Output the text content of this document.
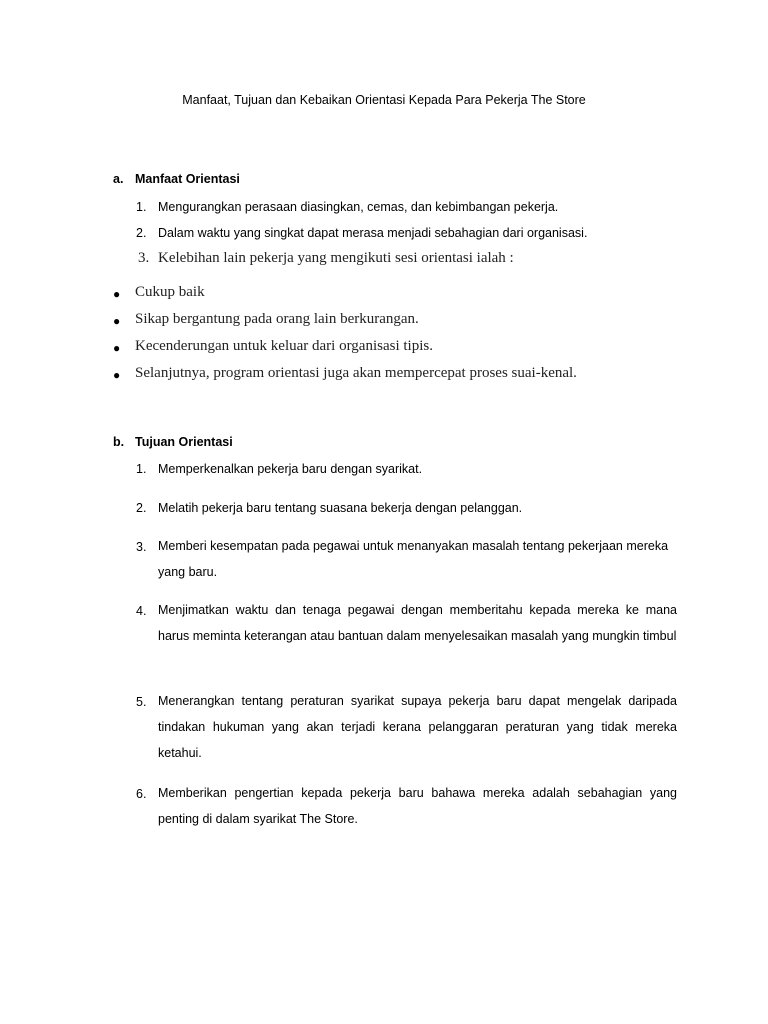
Manfaat, Tujuan dan Kebaikan Orientasi Kepada Para Pekerja The Store
a. Manfaat Orientasi
1. Mengurangkan perasaan diasingkan, cemas, dan kebimbangan pekerja.
2. Dalam waktu yang singkat dapat merasa menjadi sebahagian dari organisasi.
3. Kelebihan lain pekerja yang mengikuti sesi orientasi ialah :
● Cukup baik
● Sikap bergantung pada orang lain berkurangan.
● Kecenderungan untuk keluar dari organisasi tipis.
● Selanjutnya, program orientasi juga akan mempercepat proses suai-kenal.
b. Tujuan Orientasi
1. Memperkenalkan pekerja baru dengan syarikat.
2. Melatih pekerja baru tentang suasana bekerja dengan pelanggan.
3. Memberi kesempatan pada pegawai untuk menanyakan masalah tentang pekerjaan mereka yang baru.
4. Menjimatkan waktu dan tenaga pegawai dengan memberitahu kepada mereka ke mana harus meminta keterangan atau bantuan dalam menyelesaikan masalah yang mungkin timbul
5. Menerangkan tentang peraturan syarikat supaya pekerja baru dapat mengelak daripada tindakan hukuman yang akan terjadi kerana pelanggaran peraturan yang tidak mereka ketahui.
6. Memberikan pengertian kepada pekerja baru bahawa mereka adalah sebahagian yang penting di dalam syarikat The Store.
